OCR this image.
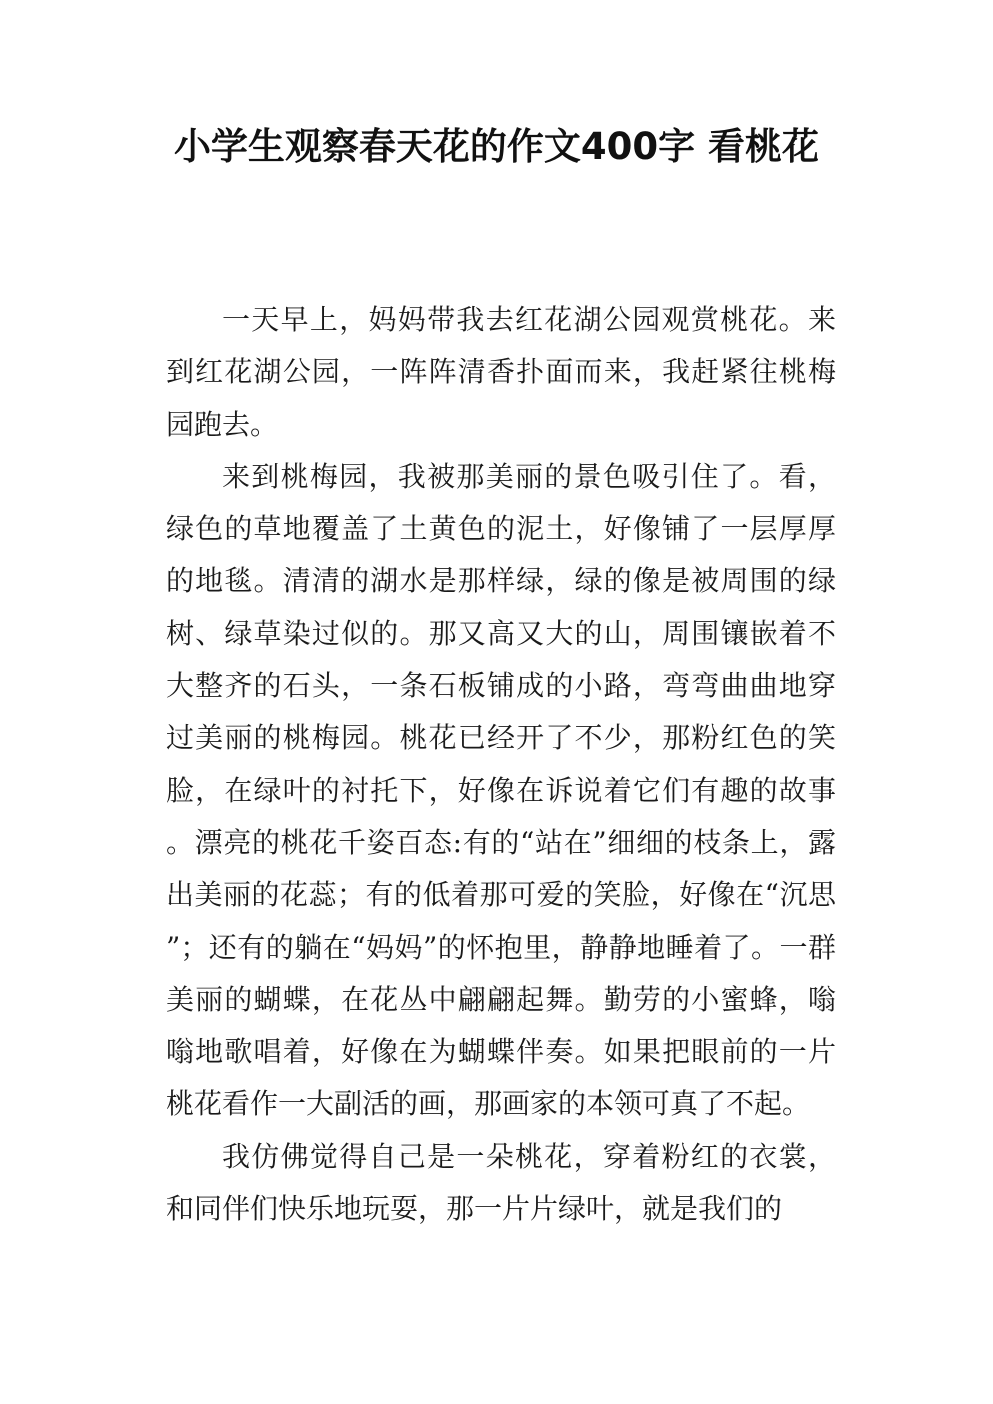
小学生观察春天花的作文400字 看桃花

一天早上，妈妈带我去红花湖公园观赏桃花。来到红花湖公园，一阵阵清香扑面而来，我赶紧往桃梅园跑去。

来到桃梅园，我被那美丽的景色吸引住了。看，绿色的草地覆盖了土黄色的泥土，好像铺了一层厚厚的地毯。清清的湖水是那样绿，绿的像是被周围的绿树、绿草染过似的。那又高又大的山，周围镶嵌着不大整齐的石头，一条石板铺成的小路，弯弯曲曲地穿过美丽的桃梅园。桃花已经开了不少，那粉红色的笑脸，在绿叶的衬托下，好像在诉说着它们有趣的故事。漂亮的桃花千姿百态:有的“站在”细细的枝条上，露出美丽的花蕊；有的低着那可爱的笑脸，好像在“沉思”；还有的躺在“妈妈”的怀抱里，静静地睡着了。一群美丽的蝴蝶，在花丛中翩翩起舞。勤劳的小蜜蜂，嗡嗡地歌唱着，好像在为蝴蝶伴奏。如果把眼前的一片桃花看作一大副活的画，那画家的本领可真了不起。

我仿佛觉得自己是一朵桃花，穿着粉红的衣裳，和同伴们快乐地玩耍，那一片片绿叶，就是我们的
